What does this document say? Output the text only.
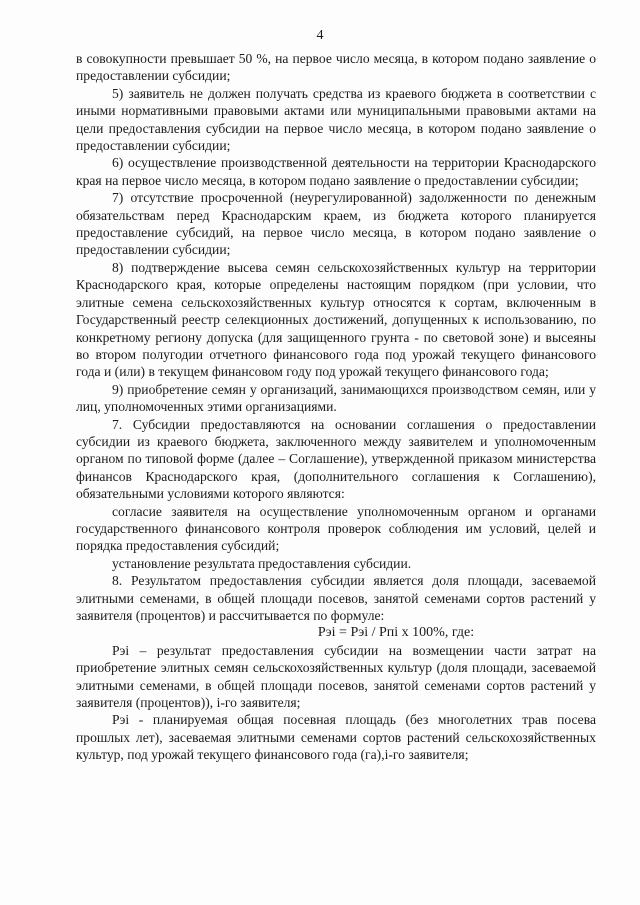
4

в совокупности превышает 50 %, на первое число месяца, в котором подано заявление о предоставлении субсидии;

5) заявитель не должен получать средства из краевого бюджета в соответствии с иными нормативными правовыми актами или муниципальными правовыми актами на цели предоставления субсидии на первое число месяца, в котором подано заявление о предоставлении субсидии;

6) осуществление производственной деятельности на территории Краснодарского края на первое число месяца, в котором подано заявление о предоставлении субсидии;

7) отсутствие просроченной (неурегулированной) задолженности по денежным обязательствам перед Краснодарским краем, из бюджета которого планируется предоставление субсидий, на первое число месяца, в котором подано заявление о предоставлении субсидии;

8) подтверждение высева семян сельскохозяйственных культур на территории Краснодарского края, которые определены настоящим порядком (при условии, что элитные семена сельскохозяйственных культур относятся к сортам, включенным в Государственный реестр селекционных достижений, допущенных к использованию, по конкретному региону допуска (для защищенного грунта - по световой зоне) и высеяны во втором полугодии отчетного финансового года под урожай текущего финансового года и (или) в текущем финансовом году под урожай текущего финансового года;

9) приобретение семян у организаций, занимающихся производством семян, или у лиц, уполномоченных этими организациями.

7. Субсидии предоставляются на основании соглашения о предоставлении субсидии из краевого бюджета, заключенного между заявителем и уполномоченным органом по типовой форме (далее – Соглашение), утвержденной приказом министерства финансов Краснодарского края, (дополнительного соглашения к Соглашению), обязательными условиями которого являются:

согласие заявителя на осуществление уполномоченным органом и органами государственного финансового контроля проверок соблюдения им условий, целей и порядка предоставления субсидий;

установление результата предоставления субсидии.

8. Результатом предоставления субсидии является доля площади, засеваемой элитными семенами, в общей площади посевов, занятой семенами сортов растений у заявителя (процентов) и рассчитывается по формуле:

Pэi = Pэi / Pпi x 100%, где:

Pэi – результат предоставления субсидии на возмещении части затрат на приобретение элитных семян сельскохозяйственных культур (доля площади, засеваемой элитными семенами, в общей площади посевов, занятой семенами сортов растений у заявителя (процентов)), i-го заявителя;

Pэi - планируемая общая посевная площадь (без многолетних трав посева прошлых лет), засеваемая элитными семенами сортов растений сельскохозяйственных культур, под урожай текущего финансового года (га),i-го заявителя;
